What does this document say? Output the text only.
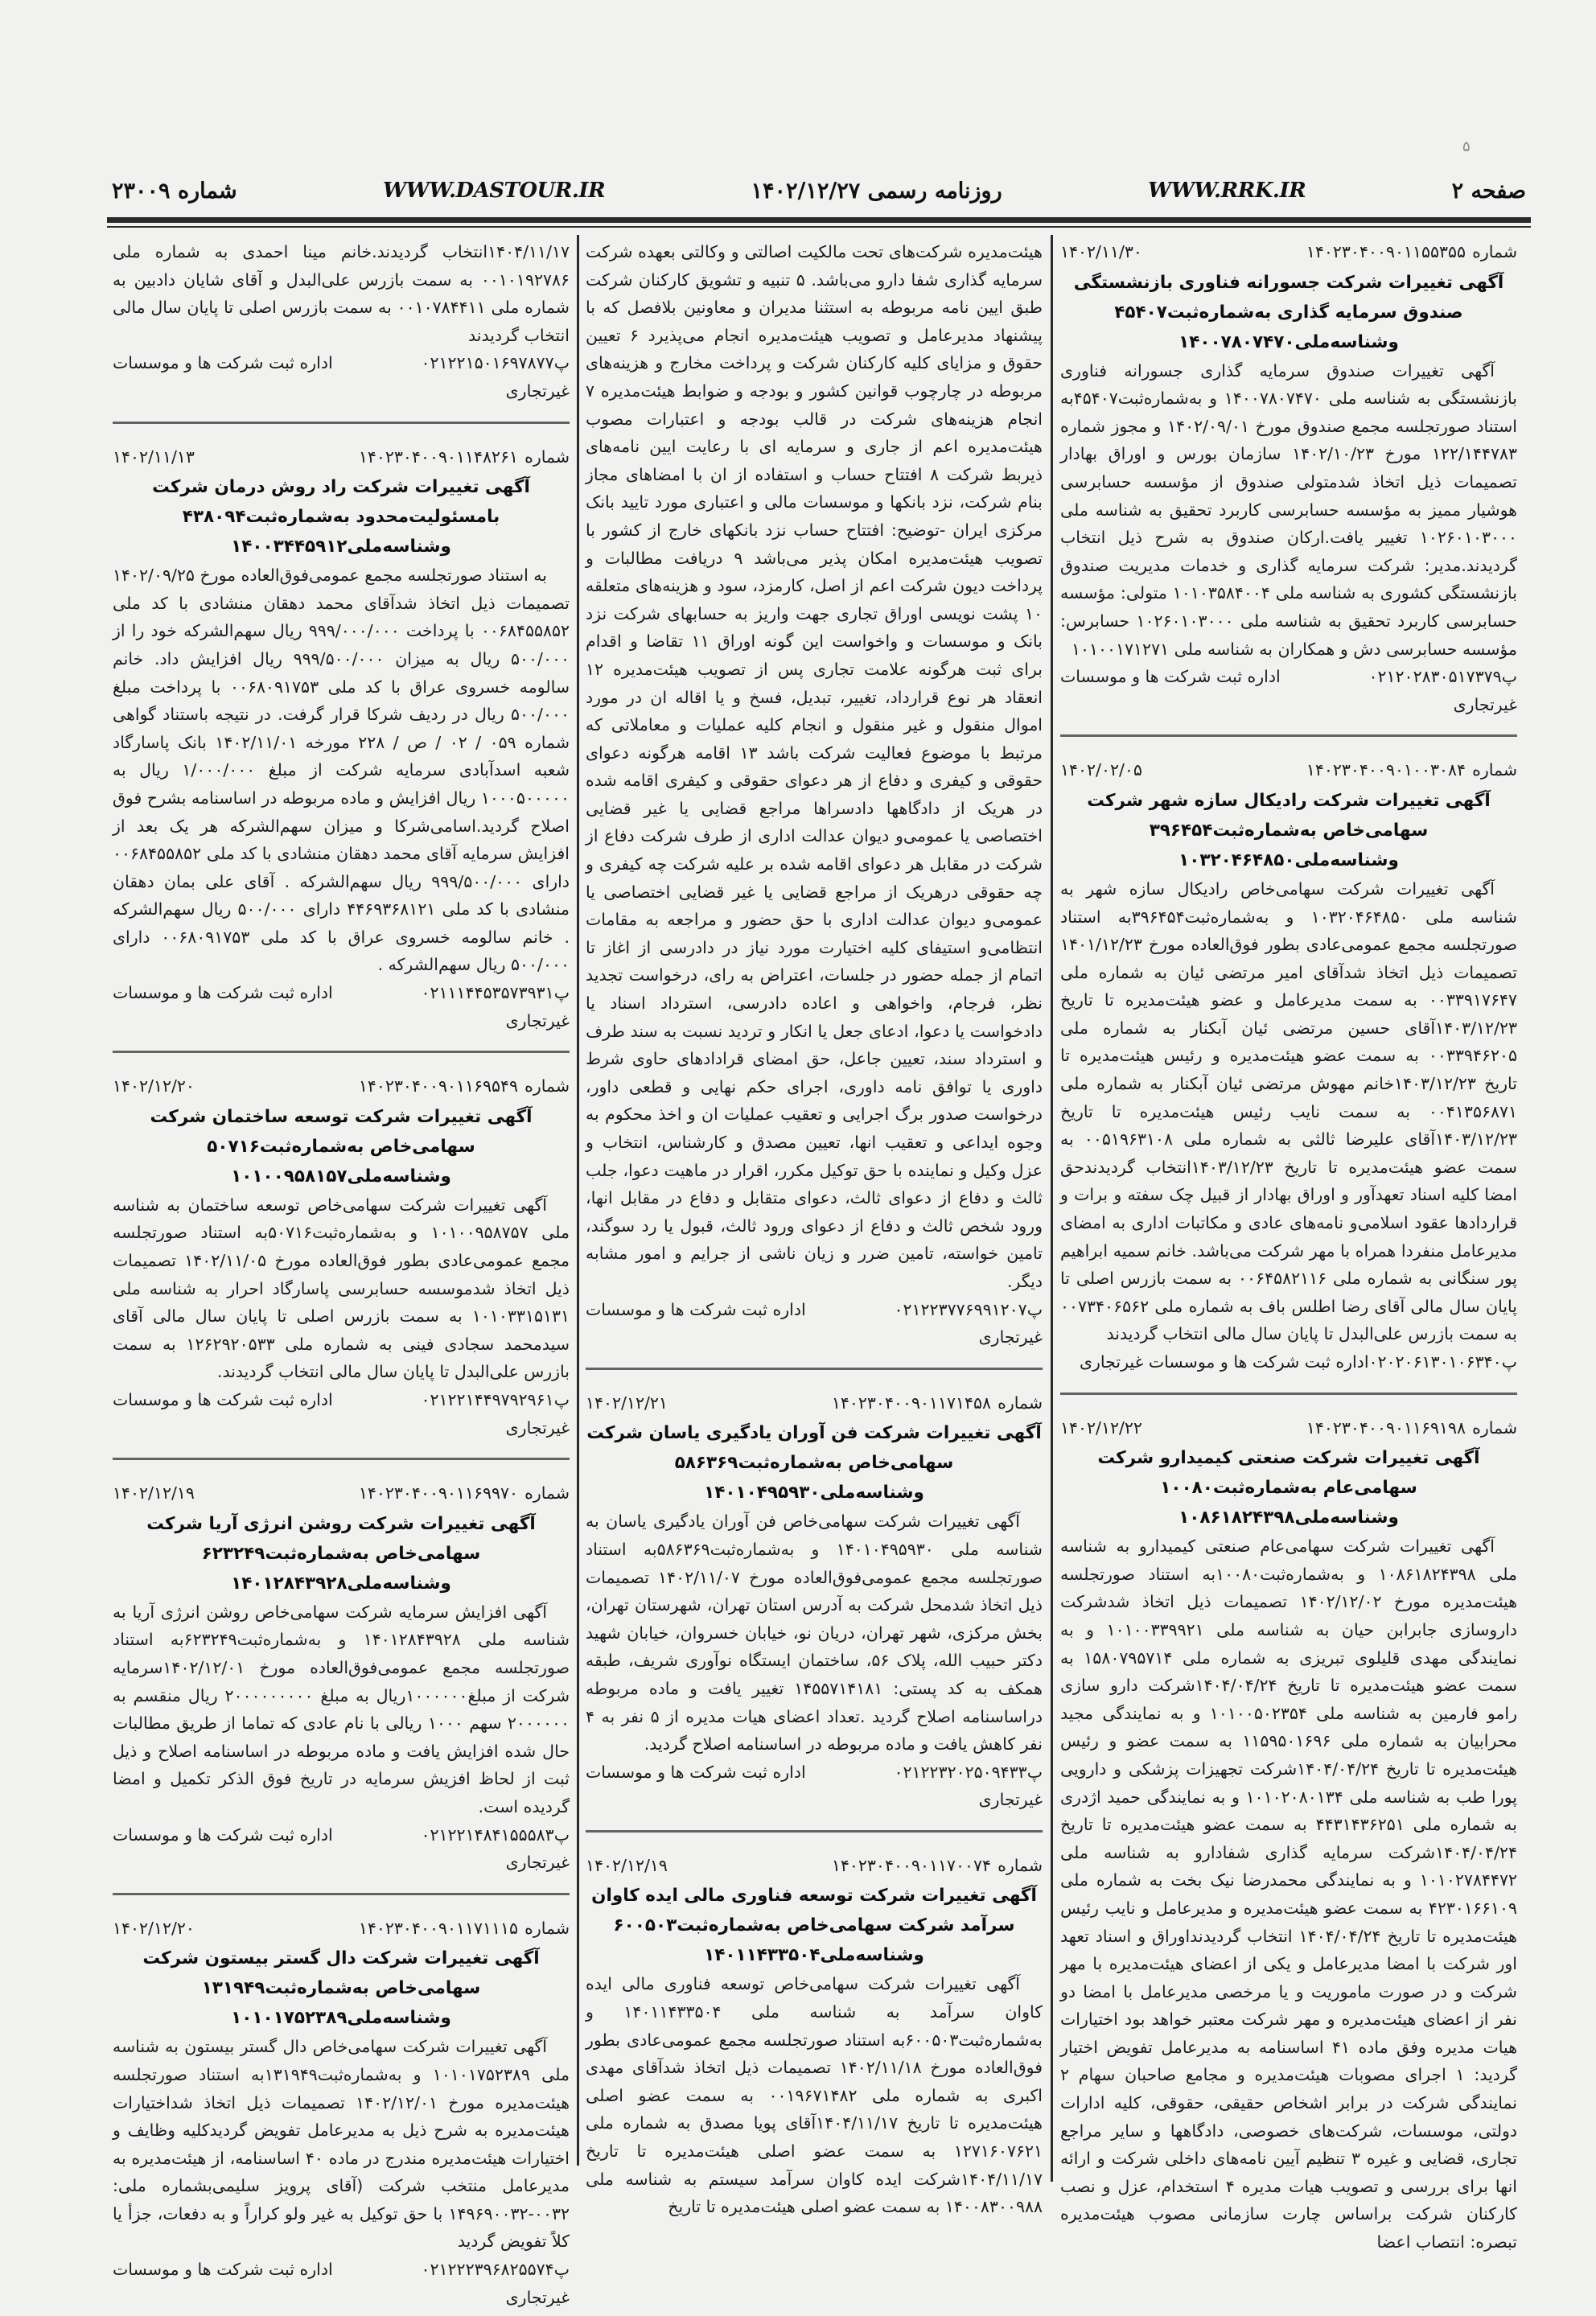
۵
صفحه ۲
WWW.RRK.IR
روزنامه رسمی ۱۴۰۲/۱۲/۲۷
WWW.DASTOUR.IR
شماره ۲۳۰۰۹
شماره۱۴۰۲۳۰۴۰۰۹۰۱۱۵۵۳۵۵
۱۴۰۲/۱۱/۳۰
آگهی تغییرات شرکت جسورانه فناوری بازنشستگی صندوق سرمایه گذاری به‌شماره‌ثبت۴۵۴۰۷ وشناسه‌ملی۱۴۰۰۷۸۰۷۴۷۰
آگهی تغییرات صندوق سرمایه گذاری جسورانه فناوری بازنشستگی به شناسه ملی ۱۴۰۰۷۸۰۷۴۷۰ و به‌شماره‌ثبت۴۵۴۰۷به استناد صورتجلسه مجمع صندوق مورخ ۱۴۰۲/۰۹/۰۱ و مجوز شماره ۱۲۲/۱۴۴۷۸۳ مورخ ۱۴۰۲/۱۰/۲۳ سازمان بورس و اوراق بهادار تصمیمات ذیل اتخاذ شدمتولی صندوق از مؤسسه حسابرسی هوشیار ممیز به مؤسسه حسابرسی کاربرد تحقیق به شناسه ملی ۱۰۲۶۰۱۰۳۰۰۰ تغییر یافت.ارکان صندوق به شرح ذیل انتخاب گردیدند.مدیر: شرکت سرمایه گذاری و خدمات مدیریت صندوق بازنشستگی کشوری به شناسه ملی ۱۰۱۰۳۵۸۴۰۰۴ متولی: مؤسسه حسابرسی کاربرد تحقیق به شناسه ملی ۱۰۲۶۰۱۰۳۰۰۰ حسابرس: مؤسسه حسابرسی دش و همکاران به شناسه ملی ۱۰۱۰۰۱۷۱۲۷۱
پ۰۲۱۲۰۲۸۳۰۵۱۷۳۷۹
اداره ثبت شرکت ها و موسسات
غیرتجاری
شماره۱۴۰۲۳۰۴۰۰۹۰۱۰۰۳۰۸۴
۱۴۰۲/۰۲/۰۵
آگهی تغییرات شرکت رادیکال سازه شهر شرکت سهامی‌خاص به‌شماره‌ثبت۳۹۶۴۵۴ وشناسه‌ملی۱۰۳۲۰۴۶۴۸۵۰
آگهی تغییرات شرکت سهامی‌خاص رادیکال سازه شهر به شناسه ملی ۱۰۳۲۰۴۶۴۸۵۰ و به‌شماره‌ثبت۳۹۶۴۵۴به استناد صورتجلسه مجمع عمومی‌عادی بطور فوق‌العاده مورخ ۱۴۰۱/۱۲/۲۳ تصمیمات ذیل اتخاذ شدآقای امیر مرتضی ئیان به شماره ملی ۰۰۳۳۹۱۷۶۴۷ به سمت مدیرعامل و عضو هیئت‌مدیره تا تاریخ ۱۴۰۳/۱۲/۲۳آقای حسین مرتضی ئیان آبکنار به شماره ملی ۰۰۳۳۹۴۶۲۰۵ به سمت عضو هیئت‌مدیره و رئیس هیئت‌مدیره تا تاریخ ۱۴۰۳/۱۲/۲۳خانم مهوش مرتضی ئیان آبکنار به شماره ملی ۰۰۴۱۳۵۶۸۷۱ به سمت نایب رئیس هیئت‌مدیره تا تاریخ ۱۴۰۳/۱۲/۲۳آقای علیرضا ثالثی به شماره ملی ۰۰۵۱۹۶۳۱۰۸ به سمت عضو هیئت‌مدیره تا تاریخ ۱۴۰۳/۱۲/۲۳انتخاب گردیدندحق امضا کلیه اسناد تعهدآور و اوراق بهادار از قبیل چک سفته و برات و قراردادها عقود اسلامی‌و نامه‌های عادی و مکاتبات اداری به امضای مدیرعامل منفردا همراه با مهر شرکت می‌باشد. خانم سمیه ابراهیم پور سنگانی به شماره ملی ۰۰۶۴۵۸۲۱۱۶ به سمت بازرس اصلی تا پایان سال مالی آقای رضا اطلس باف به شماره ملی ۰۰۷۳۴۰۶۵۶۲ به سمت بازرس علی‌البدل تا پایان سال مالی انتخاب گردیدند
پ۰۲۰۲۰۶۱۳۰۱۰۶۳۴۰اداره ثبت شرکت ها و موسسات غیرتجاری
شماره۱۴۰۲۳۰۴۰۰۹۰۱۱۶۹۱۹۸
۱۴۰۲/۱۲/۲۲
آگهی تغییرات شرکت صنعتی کیمیدارو شرکت سهامی‌عام به‌شماره‌ثبت۱۰۰۸۰ وشناسه‌ملی۱۰۸۶۱۸۲۴۳۹۸
آگهی تغییرات شرکت سهامی‌عام صنعتی کیمیدارو به شناسه ملی ۱۰۸۶۱۸۲۴۳۹۸ و به‌شماره‌ثبت۱۰۰۸۰به استناد صورتجلسه هیئت‌مدیره مورخ ۱۴۰۲/۱۲/۰۲ تصمیمات ذیل اتخاذ شدشرکت داروسازی جابرابن حیان به شناسه ملی ۱۰۱۰۰۳۳۹۹۲۱ و به نمایندگی مهدی قلیلوی تبریزی به شماره ملی ۱۵۸۰۷۹۵۷۱۴ به سمت عضو هیئت‌مدیره تا تاریخ ۱۴۰۴/۰۴/۲۴شرکت دارو سازی رامو فارمین به شناسه ملی ۱۰۱۰۰۵۰۲۳۵۴ و به نمایندگی مجید محرابیان به شماره ملی ۱۱۵۹۵۰۱۶۹۶ به سمت عضو و رئیس هیئت‌مدیره تا تاریخ ۱۴۰۴/۰۴/۲۴شرکت تجهیزات پزشکی و دارویی پورا طب به شناسه ملی ۱۰۱۰۲۰۸۰۱۳۴ و به نمایندگی حمید اژدری به شماره ملی ۴۴۳۱۴۳۶۲۵۱ به سمت عضو هیئت‌مدیره تا تاریخ ۱۴۰۴/۰۴/۲۴شرکت سرمایه گذاری شفادارو به شناسه ملی ۱۰۱۰۲۷۸۴۴۷۲ و به نمایندگی محمدرضا نیک بخت به شماره ملی ۴۲۳۰۱۶۶۱۰۹ به سمت عضو هیئت‌مدیره و مدیرعامل و نایب رئیس هیئت‌مدیره تا تاریخ ۱۴۰۴/۰۴/۲۴ انتخاب گردیدنداوراق و اسناد تعهد اور شرکت با امضا مدیرعامل و یکی از اعضای هیئت‌مدیره با مهر شرکت و در صورت ماموریت و یا مرخصی مدیرعامل با امضا دو نفر از اعضای هیئت‌مدیره و مهر شرکت معتبر خواهد بود اختیارات هیات مدیره وفق ماده ۴۱ اساسنامه به مدیرعامل تفویض اختیار گردید: ۱ اجرای مصوبات هیئت‌مدیره و مجامع صاحبان سهام ۲ نمایندگی شرکت در برابر اشخاص حقیقی، حقوقی، کلیه ادارات دولتی، موسسات، شرکت‌های خصوصی، دادگاهها و سایر مراجع تجاری، قضایی و غیره ۳ تنظیم آیین نامه‌های داخلی شرکت و ارائه انها برای بررسی و تصویب هیات مدیره ۴ استخدام، عزل و نصب کارکنان شرکت براساس چارت سازمانی مصوب هیئت‌مدیره تبصره: انتصاب اعضا
هیئت‌مدیره شرکت‌های تحت مالکیت اصالتی و وکالتی بعهده شرکت سرمایه گذاری شفا دارو می‌باشد. ۵ تنبیه و تشویق کارکنان شرکت طبق ایین نامه مربوطه به استثنا مدیران و معاونین بلافصل که با پیشنهاد مدیرعامل و تصویب هیئت‌مدیره انجام می‌پذیرد ۶ تعیین حقوق و مزایای کلیه کارکنان شرکت و پرداخت مخارج و هزینه‌های مربوطه در چارچوب قوانین کشور و بودجه و ضوابط هیئت‌مدیره ۷ انجام هزینه‌های شرکت در قالب بودجه و اعتبارات مصوب هیئت‌مدیره اعم از جاری و سرمایه ای با رعایت ایین نامه‌های ذیربط شرکت ۸ افتتاح حساب و استفاده از ان با امضاهای مجاز بنام شرکت، نزد بانکها و موسسات مالی و اعتباری مورد تایید بانک مرکزی ایران -توضیح: افتتاح حساب نزد بانکهای خارج از کشور با تصویب هیئت‌مدیره امکان پذیر می‌باشد ۹ دریافت مطالبات و پرداخت دیون شرکت اعم از اصل، کارمزد، سود و هزینه‌های متعلقه ۱۰ پشت نویسی اوراق تجاری جهت واریز به حسابهای شرکت نزد بانک و موسسات و واخواست این گونه اوراق ۱۱ تقاضا و اقدام برای ثبت هرگونه علامت تجاری پس از تصویب هیئت‌مدیره ۱۲ انعقاد هر نوع قرارداد، تغییر، تبدیل، فسخ و یا اقاله ان در مورد اموال منقول و غیر منقول و انجام کلیه عملیات و معاملاتی که مرتبط با موضوع فعالیت شرکت باشد ۱۳ اقامه هرگونه دعوای حقوقی و کیفری و دفاع از هر دعوای حقوقی و کیفری اقامه شده در هریک از دادگاهها دادسراها مراجع قضایی یا غیر قضایی اختصاصی یا عمومی‌و دیوان عدالت اداری از طرف شرکت دفاع از شرکت در مقابل هر دعوای اقامه شده بر علیه شرکت چه کیفری و چه حقوقی درهریک از مراجع قضایی یا غیر قضایی اختصاصی یا عمومی‌و دیوان عدالت اداری با حق حضور و مراجعه به مقامات انتظامی‌و استیفای کلیه اختیارت مورد نیاز در دادرسی از اغاز تا اتمام از جمله حضور در جلسات، اعتراض به رای، درخواست تجدید نظر، فرجام، واخواهی و اعاده دادرسی، استرداد اسناد یا دادخواست یا دعوا، ادعای جعل یا انکار و تردید نسبت به سند طرف و استرداد سند، تعیین جاعل، حق امضای قرادادهای حاوی شرط داوری یا توافق نامه داوری، اجرای حکم نهایی و قطعی داور، درخواست صدور برگ اجرایی و تعقیب عملیات ان و اخذ محکوم به وجوه ایداعی و تعقیب انها، تعیین مصدق و کارشناس، انتخاب و عزل وکیل و نماینده با حق توکیل مکرر، اقرار در ماهیت دعوا، جلب ثالث و دفاع از دعوای ثالث، دعوای متقابل و دفاع در مقابل انها، ورود شخص ثالث و دفاع از دعوای ورود ثالث، قبول یا رد سوگند، تامین خواسته، تامین ضرر و زیان ناشی از جرایم و امور مشابه دیگر.
پ۰۲۱۲۲۳۷۷۶۹۹۱۲۰۷
اداره ثبت شرکت ها و موسسات
غیرتجاری
شماره۱۴۰۲۳۰۴۰۰۹۰۱۱۷۱۴۵۸
۱۴۰۲/۱۲/۲۱
آگهی تغییرات شرکت فن آوران یادگیری یاسان شرکت سهامی‌خاص به‌شماره‌ثبت۵۸۶۳۶۹ وشناسه‌ملی۱۴۰۱۰۴۹۵۹۳۰
آگهی تغییرات شرکت سهامی‌خاص فن آوران یادگیری یاسان به شناسه ملی ۱۴۰۱۰۴۹۵۹۳۰ و به‌شماره‌ثبت۵۸۶۳۶۹به استناد صورتجلسه مجمع عمومی‌فوق‌العاده مورخ ۱۴۰۲/۱۱/۰۷ تصمیمات ذیل اتخاذ شدمحل شرکت به آدرس استان تهران، شهرستان تهران، بخش مرکزی، شهر تهران، دریان نو، خیابان خسروان، خیابان شهید دکتر حبیب الله، پلاک ۵۶، ساختمان ایستگاه نوآوری شریف، طبقه همکف به کد پستی: ۱۴۵۵۷۱۴۱۸۱ تغییر یافت و ماده مربوطه دراساسنامه اصلاح گردید .تعداد اعضای هیات مدیره از ۵ نفر به ۴ نفر کاهش یافت و ماده مربوطه در اساسنامه اصلاح گردید.
پ۰۲۱۲۲۳۲۰۲۵۰۹۴۳۳
اداره ثبت شرکت ها و موسسات
غیرتجاری
شماره۱۴۰۲۳۰۴۰۰۹۰۱۱۷۰۰۷۴
۱۴۰۲/۱۲/۱۹
آگهی تغییرات شرکت توسعه فناوری مالی ایده کاوان سرآمد شرکت سهامی‌خاص به‌شماره‌ثبت۶۰۰۵۰۳ وشناسه‌ملی۱۴۰۱۱۴۳۳۵۰۴
آگهی تغییرات شرکت سهامی‌خاص توسعه فناوری مالی ایده کاوان سرآمد به شناسه ملی ۱۴۰۱۱۴۳۳۵۰۴ و به‌شماره‌ثبت۶۰۰۵۰۳به استناد صورتجلسه مجمع عمومی‌عادی بطور فوق‌العاده مورخ ۱۴۰۲/۱۱/۱۸ تصمیمات ذیل اتخاذ شدآقای مهدی اکبری به شماره ملی ۰۰۱۹۶۷۱۴۸۲ به سمت عضو اصلی هیئت‌مدیره تا تاریخ ۱۴۰۴/۱۱/۱۷آقای پویا مصدق به شماره ملی ۱۲۷۱۶۰۷۶۲۱ به سمت عضو اصلی هیئت‌مدیره تا تاریخ ۱۴۰۴/۱۱/۱۷شرکت ایده کاوان سرآمد سیستم به شناسه ملی ۱۴۰۰۸۳۰۰۹۸۸ به سمت عضو اصلی هیئت‌مدیره تا تاریخ
۱۴۰۴/۱۱/۱۷انتخاب گردیدند.خانم مینا احمدی به شماره ملی ۰۰۱۰۱۹۲۷۸۶ به سمت بازرس علی‌البدل و آقای شایان دادبین به شماره ملی ۰۰۱۰۷۸۴۴۱۱ به سمت بازرس اصلی تا پایان سال مالی انتخاب گردیدند
پ۰۲۱۲۲۱۵۰۱۶۹۷۸۷۷
اداره ثبت شرکت ها و موسسات
غیرتجاری
شماره۱۴۰۲۳۰۴۰۰۹۰۱۱۴۸۲۶۱
۱۴۰۲/۱۱/۱۳
آگهی تغییرات شرکت راد روش درمان شرکت بامسئولیت‌محدود به‌شماره‌ثبت۴۳۸۰۹۴ وشناسه‌ملی۱۴۰۰۳۴۴۵۹۱۲
به استناد صورتجلسه مجمع عمومی‌فوق‌العاده مورخ ۱۴۰۲/۰۹/۲۵ تصمیمات ذیل اتخاذ شدآقای محمد دهقان منشادی با کد ملی ۰۰۶۸۴۵۵۸۵۲ با پرداخت ۹۹۹/۰۰۰/۰۰۰ ریال سهم‌الشرکه خود را از ۵۰۰/۰۰۰ ریال به میزان ۹۹۹/۵۰۰/۰۰۰ ریال افزایش داد. خانم سالومه خسروی عراق با کد ملی ۰۰۶۸۰۹۱۷۵۳ با پرداخت مبلغ ۵۰۰/۰۰۰ ریال در ردیف شرکا قرار گرفت. در نتیجه باستناد گواهی شماره ۰۵۹ / ۰۲ / ص / ۲۲۸ مورخه ۱۴۰۲/۱۱/۰۱ بانک پاسارگاد شعبه اسدآبادی سرمایه شرکت از مبلغ ۱/۰۰۰/۰۰۰ ریال به ۱۰۰۰۵۰۰۰۰۰ ریال افزایش و ماده مربوطه در اساسنامه بشرح فوق اصلاح گردید.اسامی‌شرکا و میزان سهم‌الشرکه هر یک بعد از افزایش سرمایه آقای محمد دهقان منشادی با کد ملی ۰۰۶۸۴۵۵۸۵۲ دارای ۹۹۹/۵۰۰/۰۰۰ ریال سهم‌الشرکه . آقای علی بمان دهقان منشادی با کد ملی ۴۴۶۹۳۶۸۱۲۱ دارای ۵۰۰/۰۰۰ ریال سهم‌الشرکه . خانم سالومه خسروی عراق با کد ملی ۰۰۶۸۰۹۱۷۵۳ دارای ۵۰۰/۰۰۰ ریال سهم‌الشرکه .
پ۰۲۱۱۱۴۴۵۳۵۷۳۹۳۱
اداره ثبت شرکت ها و موسسات
غیرتجاری
شماره۱۴۰۲۳۰۴۰۰۹۰۱۱۶۹۵۴۹
۱۴۰۲/۱۲/۲۰
آگهی تغییرات شرکت توسعه ساختمان شرکت سهامی‌خاص به‌شماره‌ثبت۵۰۷۱۶ وشناسه‌ملی۱۰۱۰۰۹۵۸۱۵۷
آگهی تغییرات شرکت سهامی‌خاص توسعه ساختمان به شناسه ملی ۱۰۱۰۰۹۵۸۷۵۷ و به‌شماره‌ثبت۵۰۷۱۶به استناد صورتجلسه مجمع عمومی‌عادی بطور فوق‌العاده مورخ ۱۴۰۲/۱۱/۰۵ تصمیمات ذیل اتخاذ شدموسسه حسابرسی پاسارگاد احرار به شناسه ملی ۱۰۱۰۳۳۱۵۱۳۱ به سمت بازرس اصلی تا پایان سال مالی آقای سیدمحمد سجادی فینی به شماره ملی ۱۲۶۲۹۲۰۵۳۳ به سمت بازرس علی‌البدل تا پایان سال مالی انتخاب گردیدند.
پ۰۲۱۲۲۱۴۴۹۷۹۲۹۶۱
اداره ثبت شرکت ها و موسسات
غیرتجاری
شماره۱۴۰۲۳۰۴۰۰۹۰۱۱۶۹۹۷۰
۱۴۰۲/۱۲/۱۹
آگهی تغییرات شرکت روشن انرژی آریا شرکت سهامی‌خاص به‌شماره‌ثبت۶۲۳۲۴۹ وشناسه‌ملی۱۴۰۱۲۸۴۳۹۲۸
آگهی افزایش سرمایه شرکت سهامی‌خاص روشن انرژی آریا به شناسه ملی ۱۴۰۱۲۸۴۳۹۲۸ و به‌شماره‌ثبت۶۲۳۲۴۹به استناد صورتجلسه مجمع عمومی‌فوق‌العاده مورخ ۱۴۰۲/۱۲/۰۱سرمایه شرکت از مبلغ۱۰۰۰۰۰۰ریال به مبلغ ۲۰۰۰۰۰۰۰۰۰ ریال منقسم به ۲۰۰۰۰۰۰ سهم ۱۰۰۰ ریالی با نام عادی که تماما از طریق مطالبات حال شده افزایش یافت و ماده مربوطه در اساسنامه اصلاح و ذیل ثبت از لحاظ افزیش سرمایه در تاریخ فوق الذکر تکمیل و امضا گردیده است.
پ۰۲۱۲۲۱۴۸۴۱۵۵۵۸۳
اداره ثبت شرکت ها و موسسات
غیرتجاری
شماره۱۴۰۲۳۰۴۰۰۹۰۱۱۷۱۱۱۵
۱۴۰۲/۱۲/۲۰
آگهی تغییرات شرکت دال گستر بیستون شرکت سهامی‌خاص به‌شماره‌ثبت۱۳۱۹۴۹ وشناسه‌ملی۱۰۱۰۱۷۵۲۳۸۹
آگهی تغییرات شرکت سهامی‌خاص دال گستر بیستون به شناسه ملی ۱۰۱۰۱۷۵۲۳۸۹ و به‌شماره‌ثبت۱۳۱۹۴۹به استناد صورتجلسه هیئت‌مدیره مورخ ۱۴۰۲/۱۲/۰۱ تصمیمات ذیل اتخاذ شداختیارات هیئت‌مدیره به شرح ذیل به مدیرعامل تفویض گردیدکلیه وظایف و اختیارات هیئت‌مدیره مندرج در ماده ۴۰ اساسنامه، از هیئت‌مدیره به مدیرعامل منتخب شرکت (آقای پرویز سلیمی‌بشماره ملی: ۰۰۳۲-۱۴۹۶۹۰۰۳۲ با حق توکیل به غیر ولو کراراً و به دفعات، جزأ یا کلاً تفویض گردید
پ۰۲۱۲۲۲۳۹۶۸۲۵۵۷۴
اداره ثبت شرکت ها و موسسات
غیرتجاری
